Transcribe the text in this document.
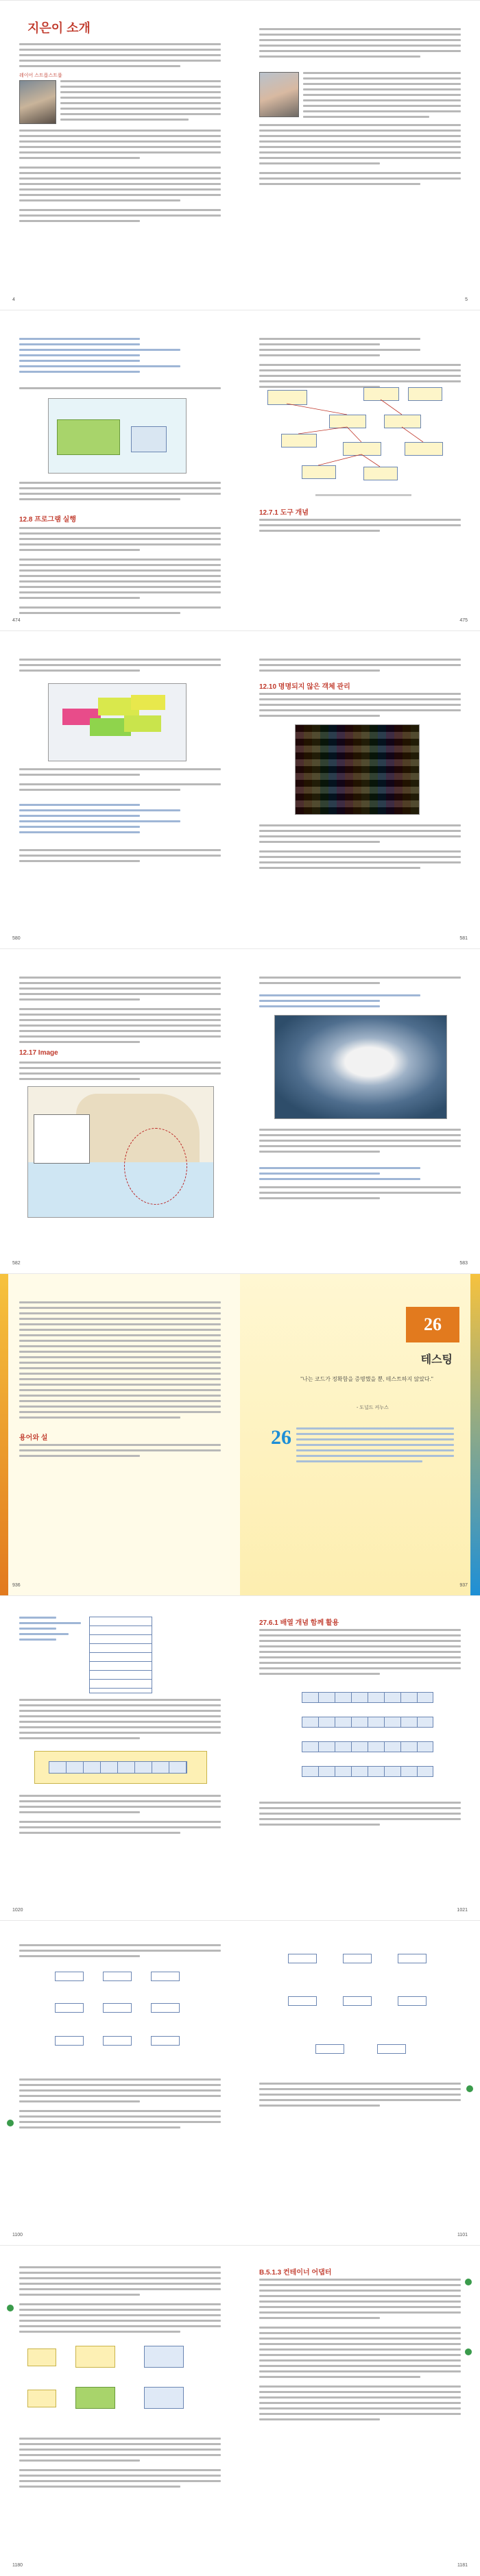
지은이 소개
레이어 스트롭스트룹
4	5
12.8 프로그램 실행
474
12.7.1 도구 개념
475
580
12.10 명명되지 않은 객체 관리
581
12.17 Image
582	583
용어와 설
936	937
26
테스팅
"나는 코드가 정확함을 증명했을 뿐, 테스트하지 않았다."
- 도널드 커누스
26
1020
27.6.1 배열 개념 함께 활용
1021
1100	1101
1180
B.5.1.3 컨테이너 어댑터
1181
